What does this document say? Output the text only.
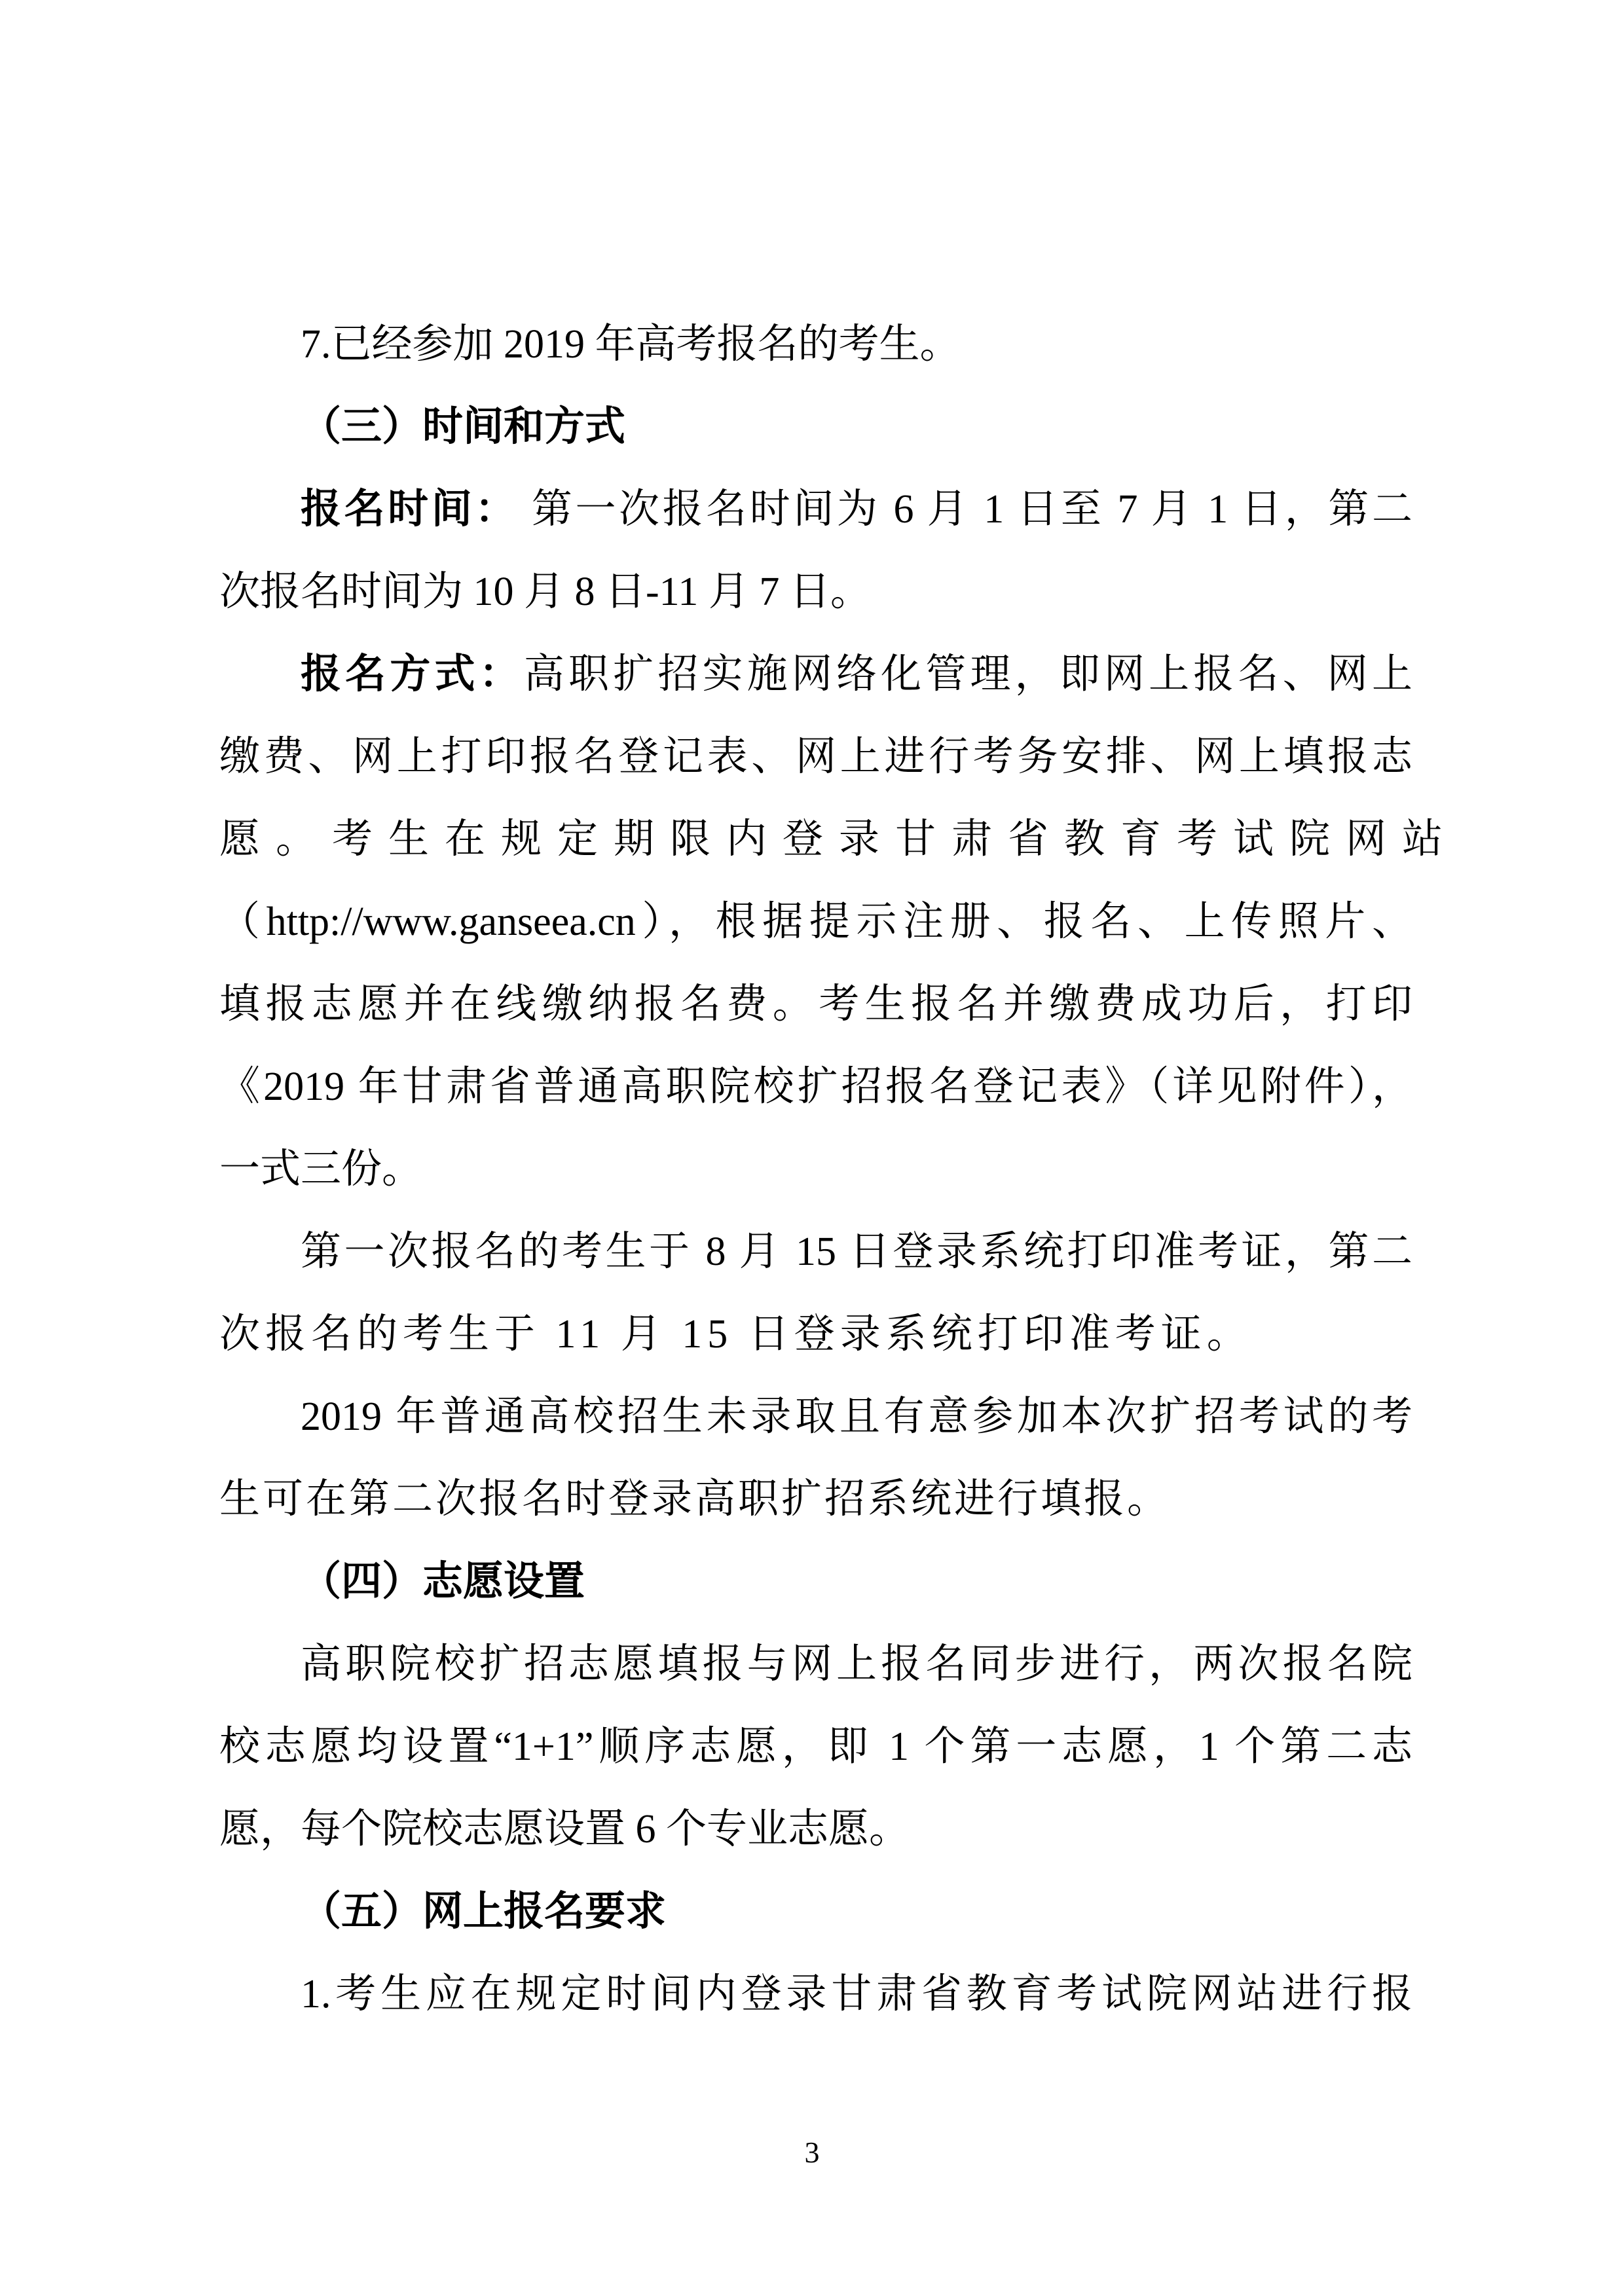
7.已经参加 2019 年高考报名的考生。
（三）时间和方式
报名时间： 第一次报名时间为 6 月 1 日至 7 月 1 日，第二
次报名时间为 10 月 8 日-11 月 7 日。
报名方式：高职扩招实施网络化管理，即网上报名、网上
缴费、网上打印报名登记表、网上进行考务安排、网上填报志
愿。考生在规定期限内登录甘肃省教育考试院网站
（http://www.ganseea.cn），根据提示注册、报名、上传照片、
填报志愿并在线缴纳报名费。考生报名并缴费成功后，打印
《2019 年甘肃省普通高职院校扩招报名登记表》（详见附件），
一式三份。
第一次报名的考生于 8 月 15 日登录系统打印准考证，第二
次报名的考生于 11 月 15 日登录系统打印准考证。
2019 年普通高校招生未录取且有意参加本次扩招考试的考
生可在第二次报名时登录高职扩招系统进行填报。
（四）志愿设置
高职院校扩招志愿填报与网上报名同步进行，两次报名院
校志愿均设置“1+1”顺序志愿，即 1 个第一志愿，1 个第二志
愿，每个院校志愿设置 6 个专业志愿。
（五）网上报名要求
1.考生应在规定时间内登录甘肃省教育考试院网站进行报
3
